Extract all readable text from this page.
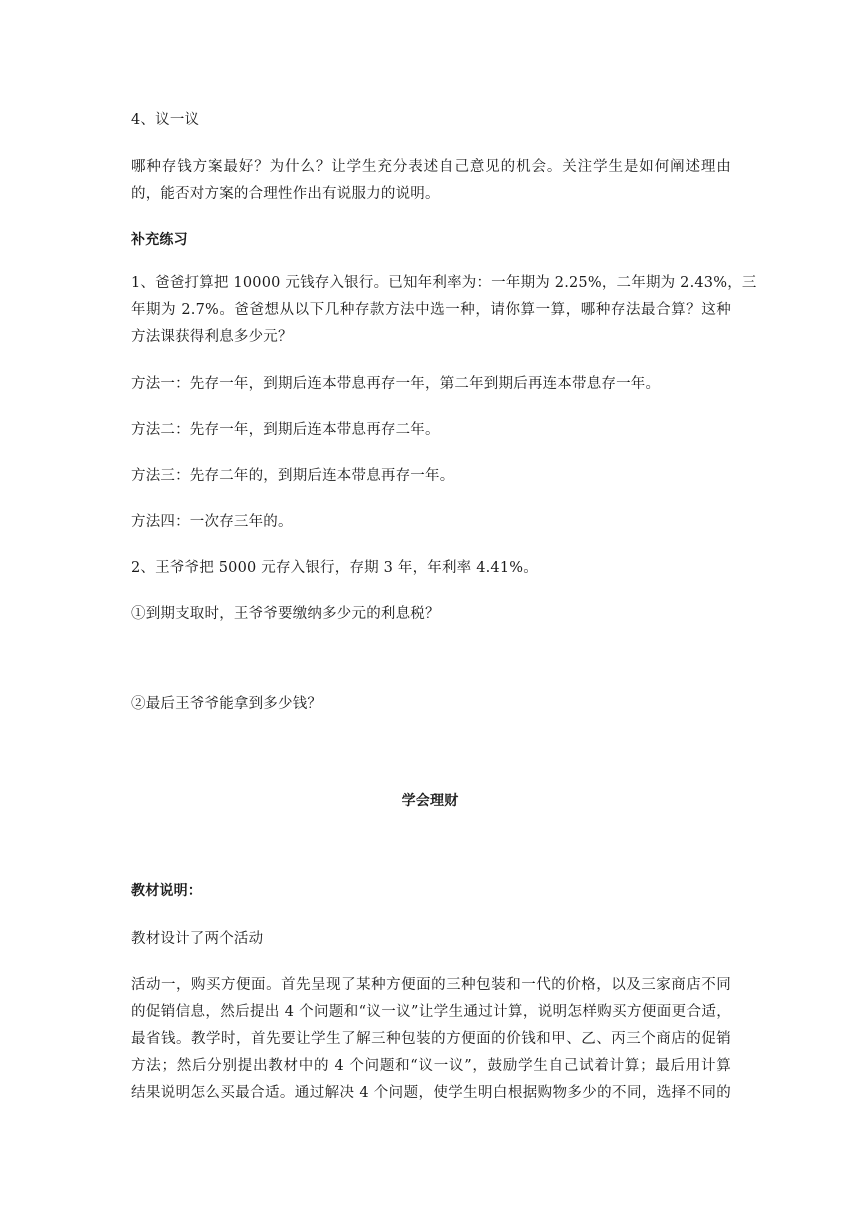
4、议一议
哪种存钱方案最好？为什么？让学生充分表述自己意见的机会。关注学生是如何阐述理由
的，能否对方案的合理性作出有说服力的说明。
补充练习
1、爸爸打算把 10000 元钱存入银行。已知年利率为：一年期为 2.25%，二年期为 2.43%，三
年期为 2.7%。爸爸想从以下几种存款方法中选一种，请你算一算，哪种存法最合算？这种
方法课获得利息多少元？
方法一：先存一年，到期后连本带息再存一年，第二年到期后再连本带息存一年。
方法二：先存一年，到期后连本带息再存二年。
方法三：先存二年的，到期后连本带息再存一年。
方法四：一次存三年的。
2、王爷爷把 5000 元存入银行，存期 3 年，年利率 4.41%。
①到期支取时，王爷爷要缴纳多少元的利息税？
②最后王爷爷能拿到多少钱？
学会理财
教材说明：
教材设计了两个活动
活动一，购买方便面。首先呈现了某种方便面的三种包装和一代的价格，以及三家商店不同
的促销信息，然后提出 4 个问题和“议一议”让学生通过计算，说明怎样购买方便面更合适，
最省钱。教学时，首先要让学生了解三种包装的方便面的价钱和甲、乙、丙三个商店的促销
方法；然后分别提出教材中的 4 个问题和“议一议”，鼓励学生自己试着计算；最后用计算
结果说明怎么买最合适。通过解决 4 个问题，使学生明白根据购物多少的不同，选择不同的
